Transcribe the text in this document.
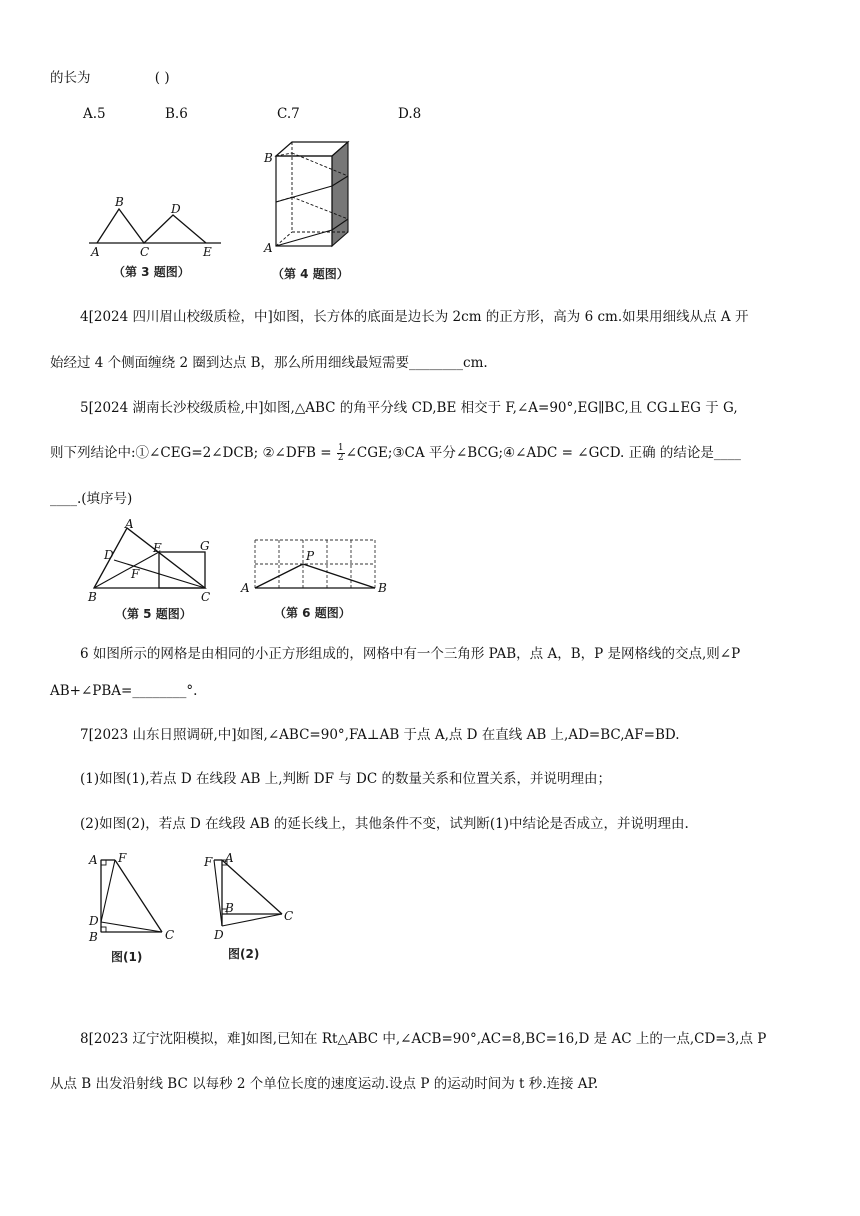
的长为	( )
A.5	B.6	C.7	D.8
B	D
A	C	E
（第 3 题图）
B
A
（第 4 题图）
4[2024 四川眉山校级质检，中]如图，长方体的底面是边长为 2cm 的正方形，高为 6 cm.如果用细线从点 A 开
始经过 4 个侧面缠绕 2 圈到达点 B，那么所用细线最短需要________cm.
5[2024 湖南长沙校级质检,中]如图,△ABC 的角平分线 CD,BE 相交于 F,∠A=90°,EG∥BC,且 CG⊥EG 于 G,
则下列结论中:①∠CEG=2∠DCB; ②∠DFB = $\frac{1}{2}$ ∠CGE;③CA 平分∠BCG;④∠ADC = ∠GCD. 正确 的结论是____
____.(填序号)
A
D	E	G
F
B	C
（第 5 题图）
P
A	B
（第 6 题图）
6 如图所示的网格是由相同的小正方形组成的，网格中有一个三角形 PAB，点 A，B，P 是网格线的交点,则∠P
AB+∠PBA=________°.
7[2023 山东日照调研,中]如图,∠ABC=90°,FA⊥AB 于点 A,点 D 在直线 AB 上,AD=BC,AF=BD.
(1)如图(1),若点 D 在线段 AB 上,判断 DF 与 DC 的数量关系和位置关系，并说明理由；
(2)如图(2)，若点 D 在线段 AB 的延长线上，其他条件不变，试判断(1)中结论是否成立，并说明理由.
A F
D
B	C
图(1)
F A
B
C
D
图(2)
8[2023 辽宁沈阳模拟，难]如图,已知在 Rt△ABC 中,∠ACB=90°,AC=8,BC=16,D 是 AC 上的一点,CD=3,点 P
从点 B 出发沿射线 BC 以每秒 2 个单位长度的速度运动.设点 P 的运动时间为 t 秒.连接 AP.
